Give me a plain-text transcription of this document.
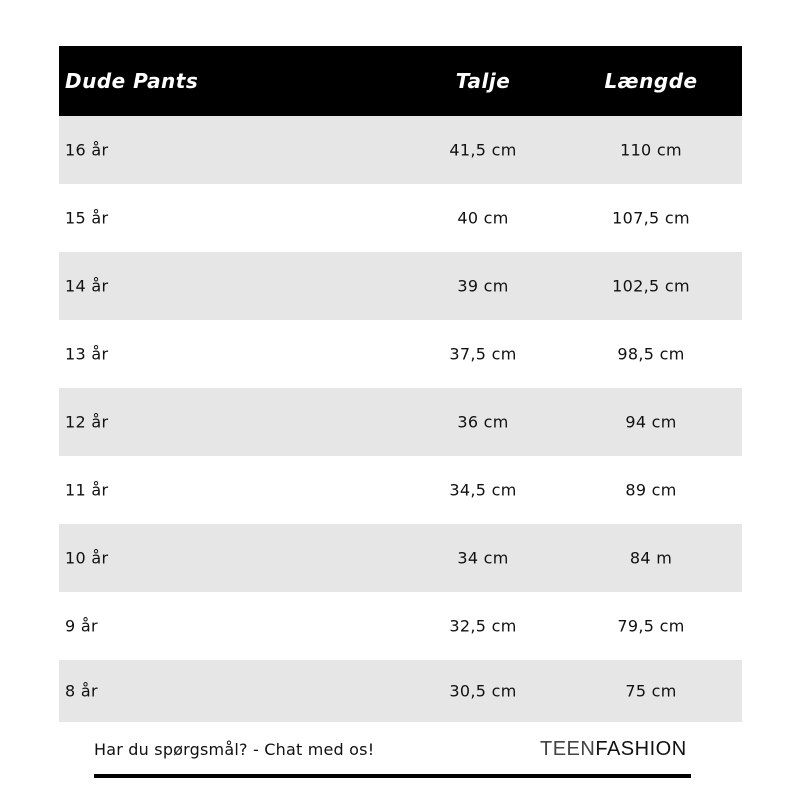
Dude Pants	Talje	Længde
16 år	41,5 cm	110 cm
15 år	40 cm	107,5 cm
14 år	39 cm	102,5 cm
13 år	37,5 cm	98,5 cm
12 år	36 cm	94 cm
11 år	34,5 cm	89 cm
10 år	34 cm	84 m
9 år	32,5 cm	79,5 cm
8 år	30,5 cm	75 cm
Har du spørgsmål? - Chat med os!	TEENFASHION
